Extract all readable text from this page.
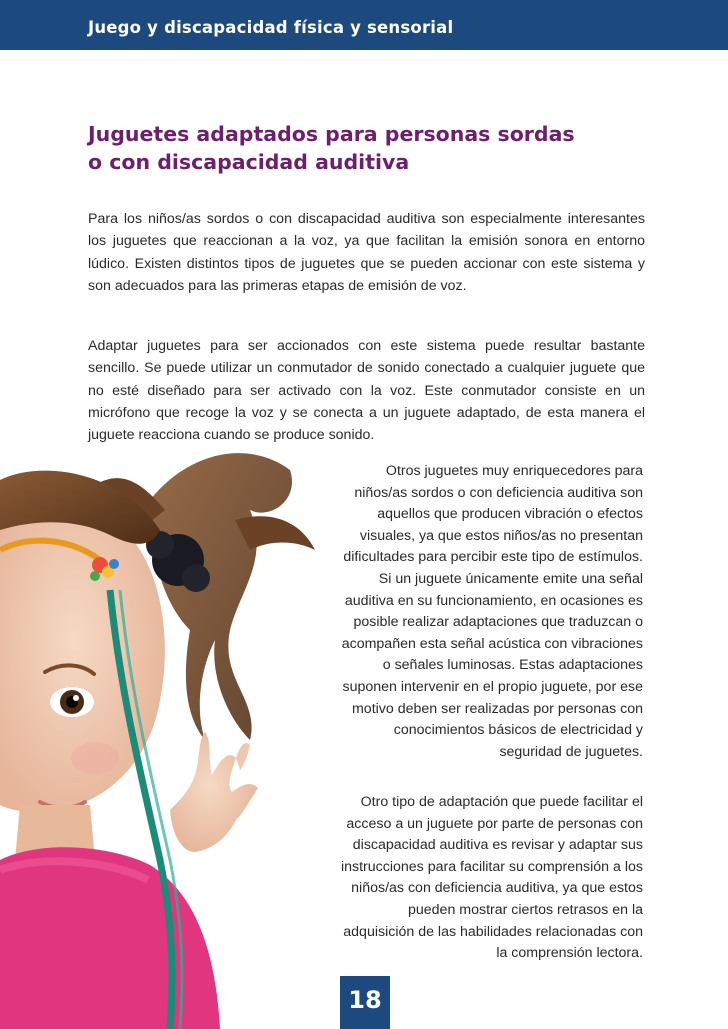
Juego y discapacidad física y sensorial
Juguetes adaptados para personas sordas
o con discapacidad auditiva

Para los niños/as sordos o con discapacidad auditiva son especialmente interesantes los juguetes que reaccionan a la voz, ya que facilitan la emisión sonora en entorno lúdico. Existen distintos tipos de juguetes que se pueden accionar con este sistema y son adecuados para las primeras etapas de emisión de voz.

Adaptar juguetes para ser accionados con este sistema puede resultar bastante sencillo. Se puede utilizar un conmutador de sonido conectado a cualquier juguete que no esté diseñado para ser activado con la voz. Este conmutador consiste en un micrófono que recoge la voz y se conecta a un juguete adaptado, de esta manera el juguete reacciona cuando se produce sonido.

Otros juguetes muy enriquecedores para niños/as sordos o con deficiencia auditiva son aquellos que producen vibración o efectos visuales, ya que estos niños/as no presentan dificultades para percibir este tipo de estímulos. Si un juguete únicamente emite una señal auditiva en su funcionamiento, en ocasiones es posible realizar adaptaciones que traduzcan o acompañen esta señal acústica con vibraciones o señales luminosas. Estas adaptaciones suponen intervenir en el propio juguete, por ese motivo deben ser realizadas por personas con conocimientos básicos de electricidad y seguridad de juguetes.

Otro tipo de adaptación que puede facilitar el acceso a un juguete por parte de personas con discapacidad auditiva es revisar y adaptar sus instrucciones para facilitar su comprensión a los niños/as con deficiencia auditiva, ya que estos pueden mostrar ciertos retrasos en la adquisición de las habilidades relacionadas con la comprensión lectora.

18
